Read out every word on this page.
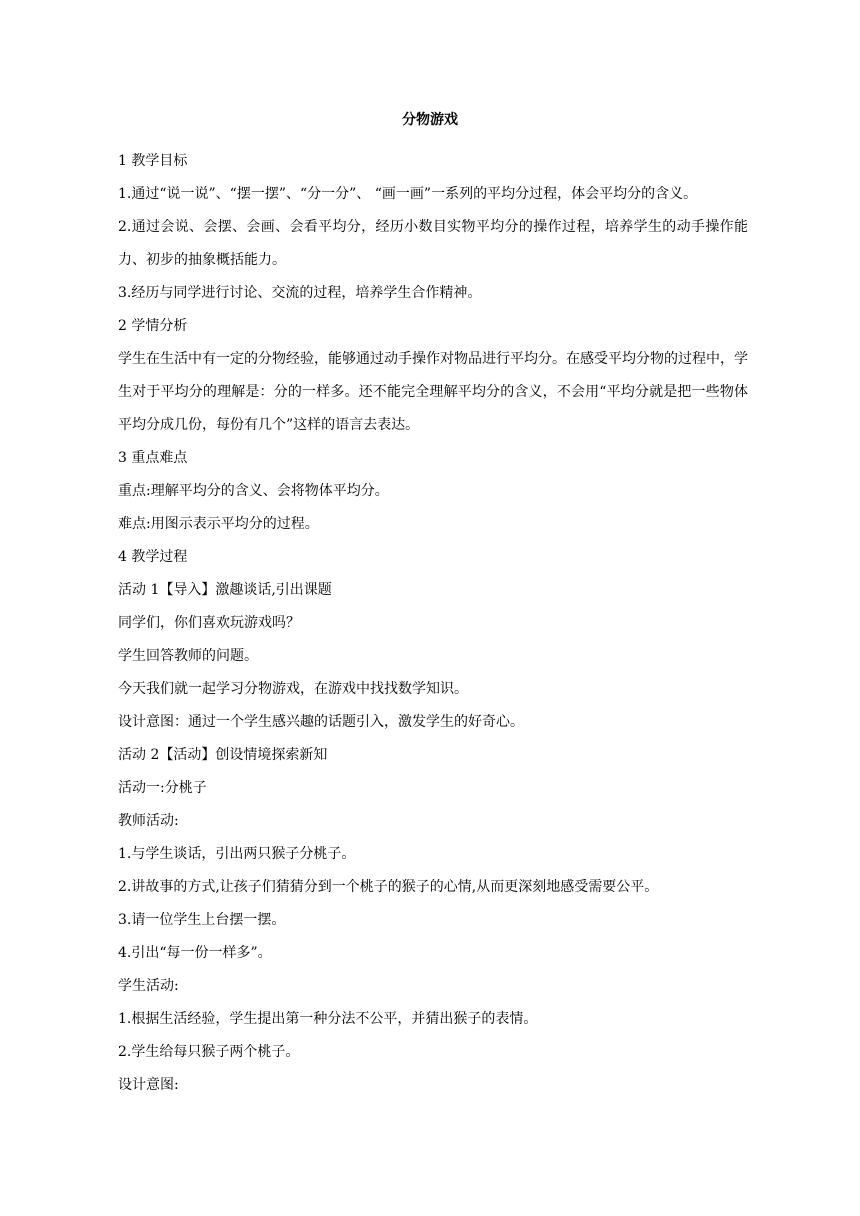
分物游戏

1 教学目标

1.通过“说一说”、“摆一摆”、“分一分”、 “画一画”一系列的平均分过程，体会平均分的含义。

2.通过会说、会摆、会画、会看平均分，经历小数目实物平均分的操作过程，培养学生的动手操作能力、初步的抽象概括能力。

3.经历与同学进行讨论、交流的过程，培养学生合作精神。

2 学情分析

学生在生活中有一定的分物经验，能够通过动手操作对物品进行平均分。在感受平均分物的过程中，学生对于平均分的理解是：分的一样多。还不能完全理解平均分的含义，不会用“平均分就是把一些物体平均分成几份，每份有几个”这样的语言去表达。

3 重点难点

重点:理解平均分的含义、会将物体平均分。

难点:用图示表示平均分的过程。

4 教学过程

活动 1【导入】激趣谈话,引出课题

同学们，你们喜欢玩游戏吗？

学生回答教师的问题。

今天我们就一起学习分物游戏，在游戏中找找数学知识。

设计意图：通过一个学生感兴趣的话题引入，激发学生的好奇心。

活动 2【活动】创设情境探索新知

活动一:分桃子

教师活动:

1.与学生谈话，引出两只猴子分桃子。

2.讲故事的方式,让孩子们猜猜分到一个桃子的猴子的心情,从而更深刻地感受需要公平。

3.请一位学生上台摆一摆。

4.引出“每一份一样多”。

学生活动:

1.根据生活经验，学生提出第一种分法不公平，并猜出猴子的表情。

2.学生给每只猴子两个桃子。

设计意图:
